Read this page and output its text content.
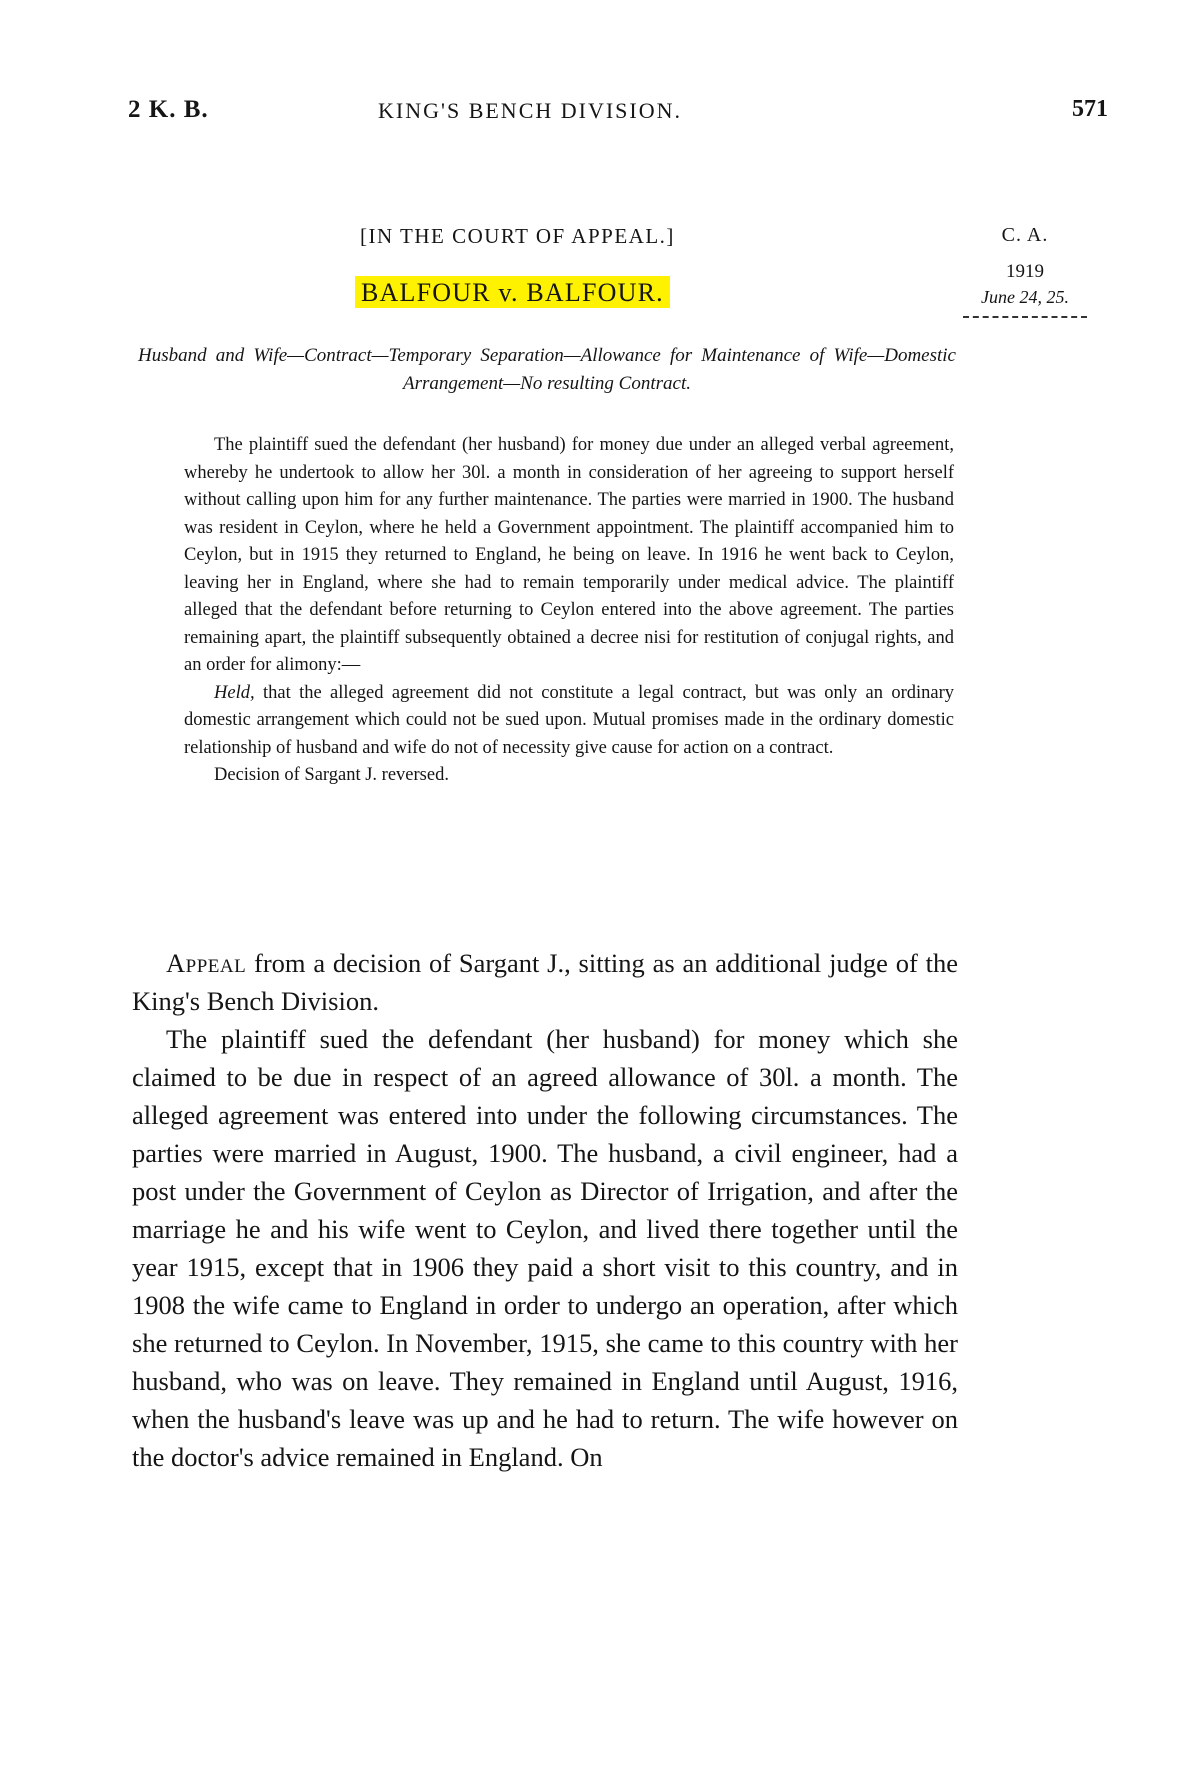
2 K. B.	KING'S BENCH DIVISION.	571
[IN THE COURT OF APPEAL.]
BALFOUR v. BALFOUR.
C. A.
1919
June 24, 25.
Husband and Wife—Contract—Temporary Separation—Allowance for Maintenance of Wife—Domestic Arrangement—No resulting Contract.

The plaintiff sued the defendant (her husband) for money due under an alleged verbal agreement, whereby he undertook to allow her 30l. a month in consideration of her agreeing to support herself without calling upon him for any further maintenance. The parties were married in 1900. The husband was resident in Ceylon, where he held a Government appointment. The plaintiff accompanied him to Ceylon, but in 1915 they returned to England, he being on leave. In 1916 he went back to Ceylon, leaving her in England, where she had to remain temporarily under medical advice. The plaintiff alleged that the defendant before returning to Ceylon entered into the above agreement. The parties remaining apart, the plaintiff subsequently obtained a decree nisi for restitution of conjugal rights, and an order for alimony:—

Held, that the alleged agreement did not constitute a legal contract, but was only an ordinary domestic arrangement which could not be sued upon. Mutual promises made in the ordinary domestic relationship of husband and wife do not of necessity give cause for action on a contract.

Decision of Sargant J. reversed.

Appeal from a decision of Sargant J., sitting as an additional judge of the King's Bench Division.

The plaintiff sued the defendant (her husband) for money which she claimed to be due in respect of an agreed allowance of 30l. a month. The alleged agreement was entered into under the following circumstances. The parties were married in August, 1900. The husband, a civil engineer, had a post under the Government of Ceylon as Director of Irrigation, and after the marriage he and his wife went to Ceylon, and lived there together until the year 1915, except that in 1906 they paid a short visit to this country, and in 1908 the wife came to England in order to undergo an operation, after which she returned to Ceylon. In November, 1915, she came to this country with her husband, who was on leave. They remained in England until August, 1916, when the husband's leave was up and he had to return. The wife however on the doctor's advice remained in England. On
